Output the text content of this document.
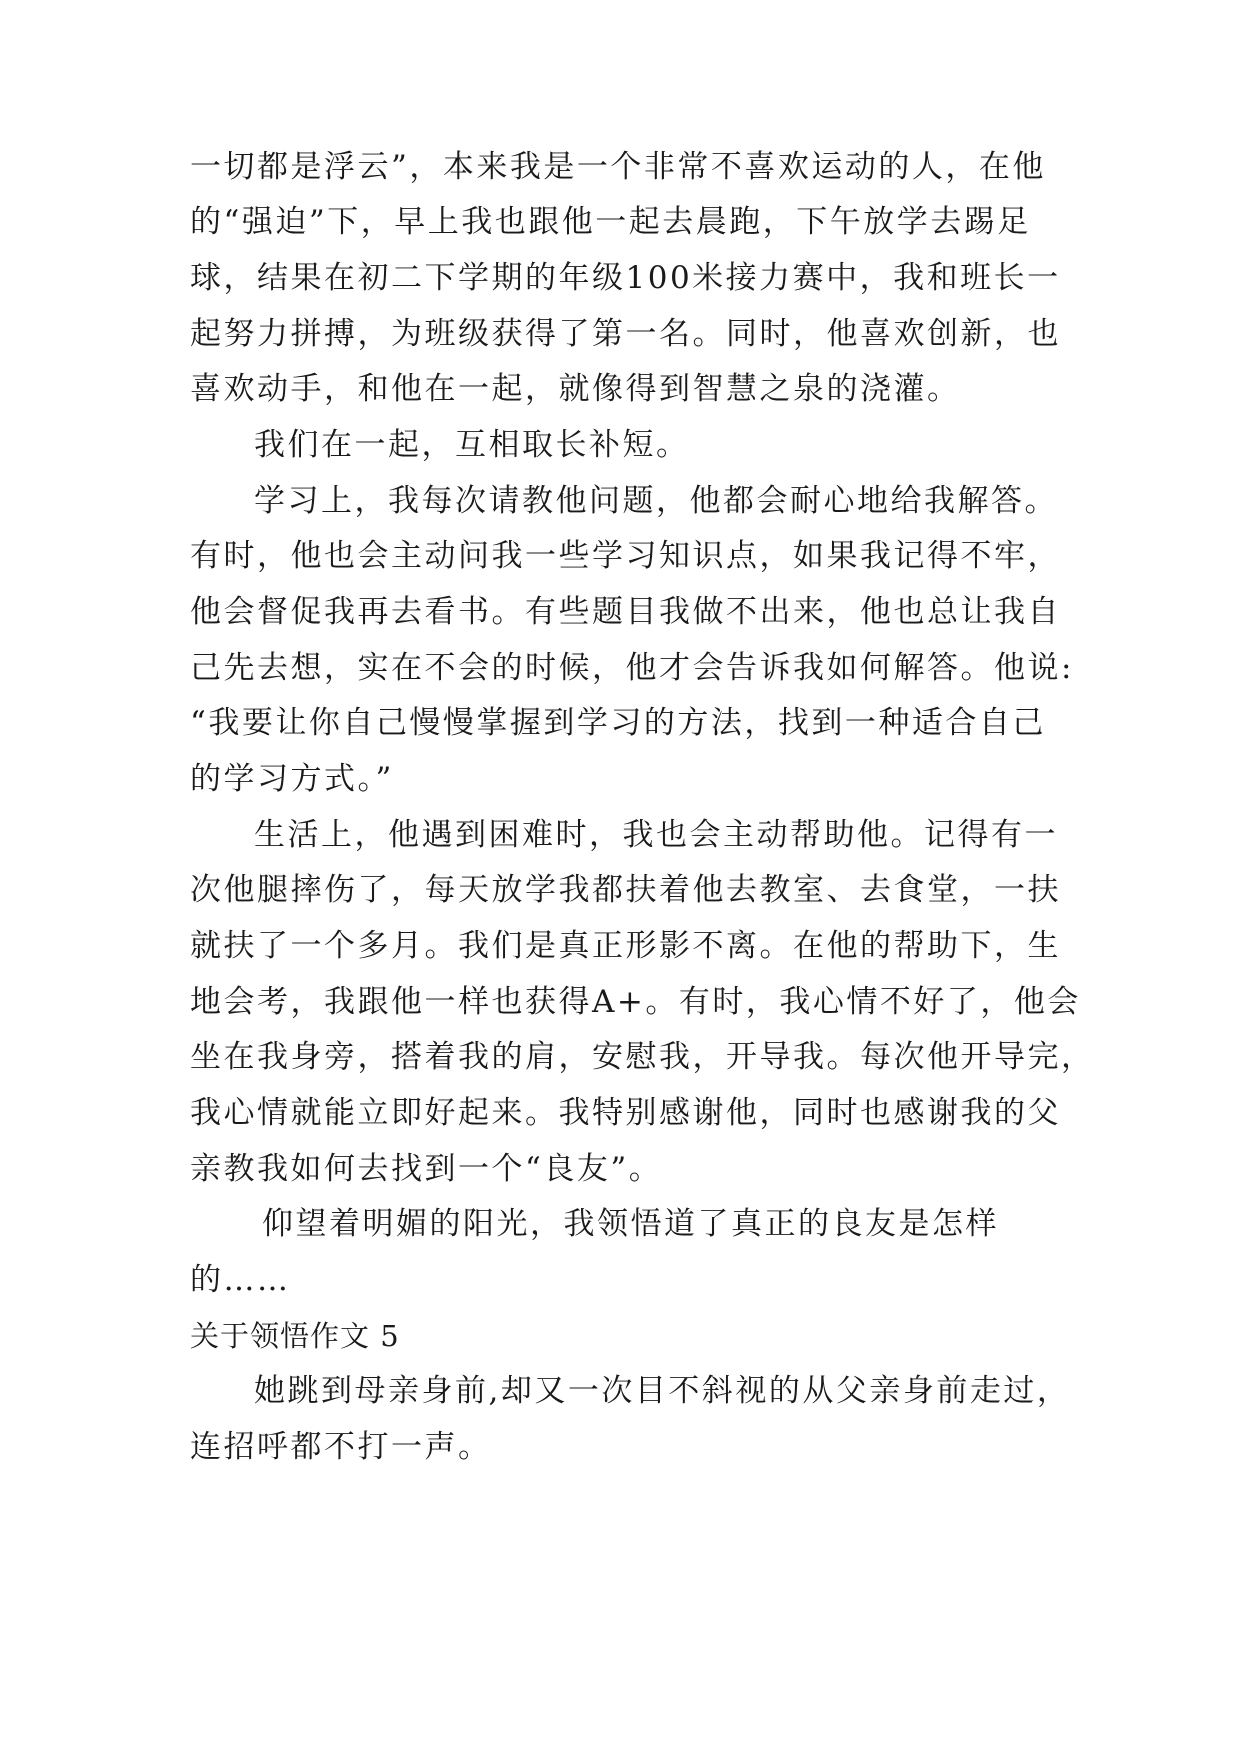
一切都是浮云”，本来我是一个非常不喜欢运动的人，在他
的“强迫”下，早上我也跟他一起去晨跑，下午放学去踢足
球，结果在初二下学期的年级100米接力赛中，我和班长一
起努力拼搏，为班级获得了第一名。同时，他喜欢创新，也
喜欢动手，和他在一起，就像得到智慧之泉的浇灌。
我们在一起，互相取长补短。
学习上，我每次请教他问题，他都会耐心地给我解答。
有时，他也会主动问我一些学习知识点，如果我记得不牢，
他会督促我再去看书。有些题目我做不出来，他也总让我自
己先去想，实在不会的时候，他才会告诉我如何解答。他说:
“我要让你自己慢慢掌握到学习的方法，找到一种适合自己
的学习方式。”
生活上，他遇到困难时，我也会主动帮助他。记得有一
次他腿摔伤了，每天放学我都扶着他去教室、去食堂，一扶
就扶了一个多月。我们是真正形影不离。在他的帮助下，生
地会考，我跟他一样也获得A+。有时，我心情不好了，他会
坐在我身旁，搭着我的肩，安慰我，开导我。每次他开导完，
我心情就能立即好起来。我特别感谢他，同时也感谢我的父
亲教我如何去找到一个“良友”。
仰望着明媚的阳光，我领悟道了真正的良友是怎样
的……
关于领悟作文 5
她跳到母亲身前,却又一次目不斜视的从父亲身前走过，
连招呼都不打一声。
